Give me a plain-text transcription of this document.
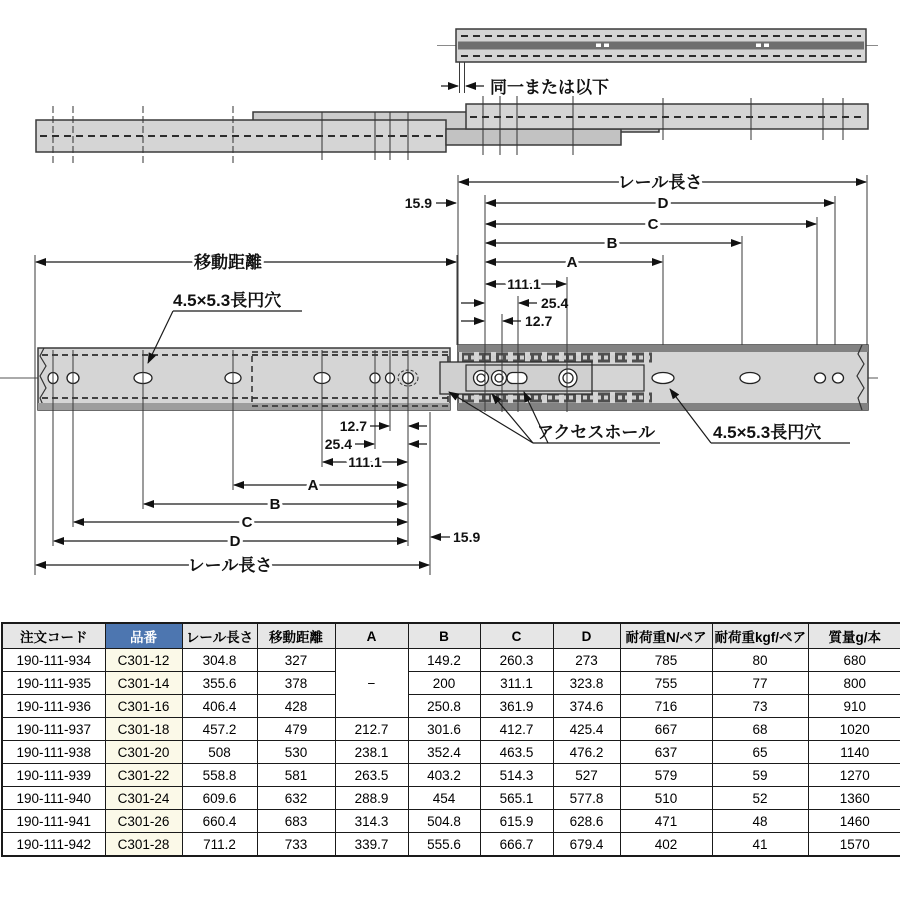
同一または以下
レール長さ
D
C
B
A
111.1
25.4
12.7
15.9
移動距離
12.7
25.4
111.1
A
B
C
D	15.9
レール長さ
4.5×5.3長円穴
アクセスホール	4.5×5.3長円穴
注文コード	品番	レール長さ	移動距離	A	B	C	D	耐荷重N/ペア	耐荷重kgf/ペア	質量g/本
190-111-934	C301-12	304.8	327	−	149.2	260.3	273	785	80	680
190-111-935	C301-14	355.6	378		200	311.1	323.8	755	77	800
190-111-936	C301-16	406.4	428		250.8	361.9	374.6	716	73	910
190-111-937	C301-18	457.2	479	212.7	301.6	412.7	425.4	667	68	1020
190-111-938	C301-20	508	530	238.1	352.4	463.5	476.2	637	65	1140
190-111-939	C301-22	558.8	581	263.5	403.2	514.3	527	579	59	1270
190-111-940	C301-24	609.6	632	288.9	454	565.1	577.8	510	52	1360
190-111-941	C301-26	660.4	683	314.3	504.8	615.9	628.6	471	48	1460
190-111-942	C301-28	711.2	733	339.7	555.6	666.7	679.4	402	41	1570
